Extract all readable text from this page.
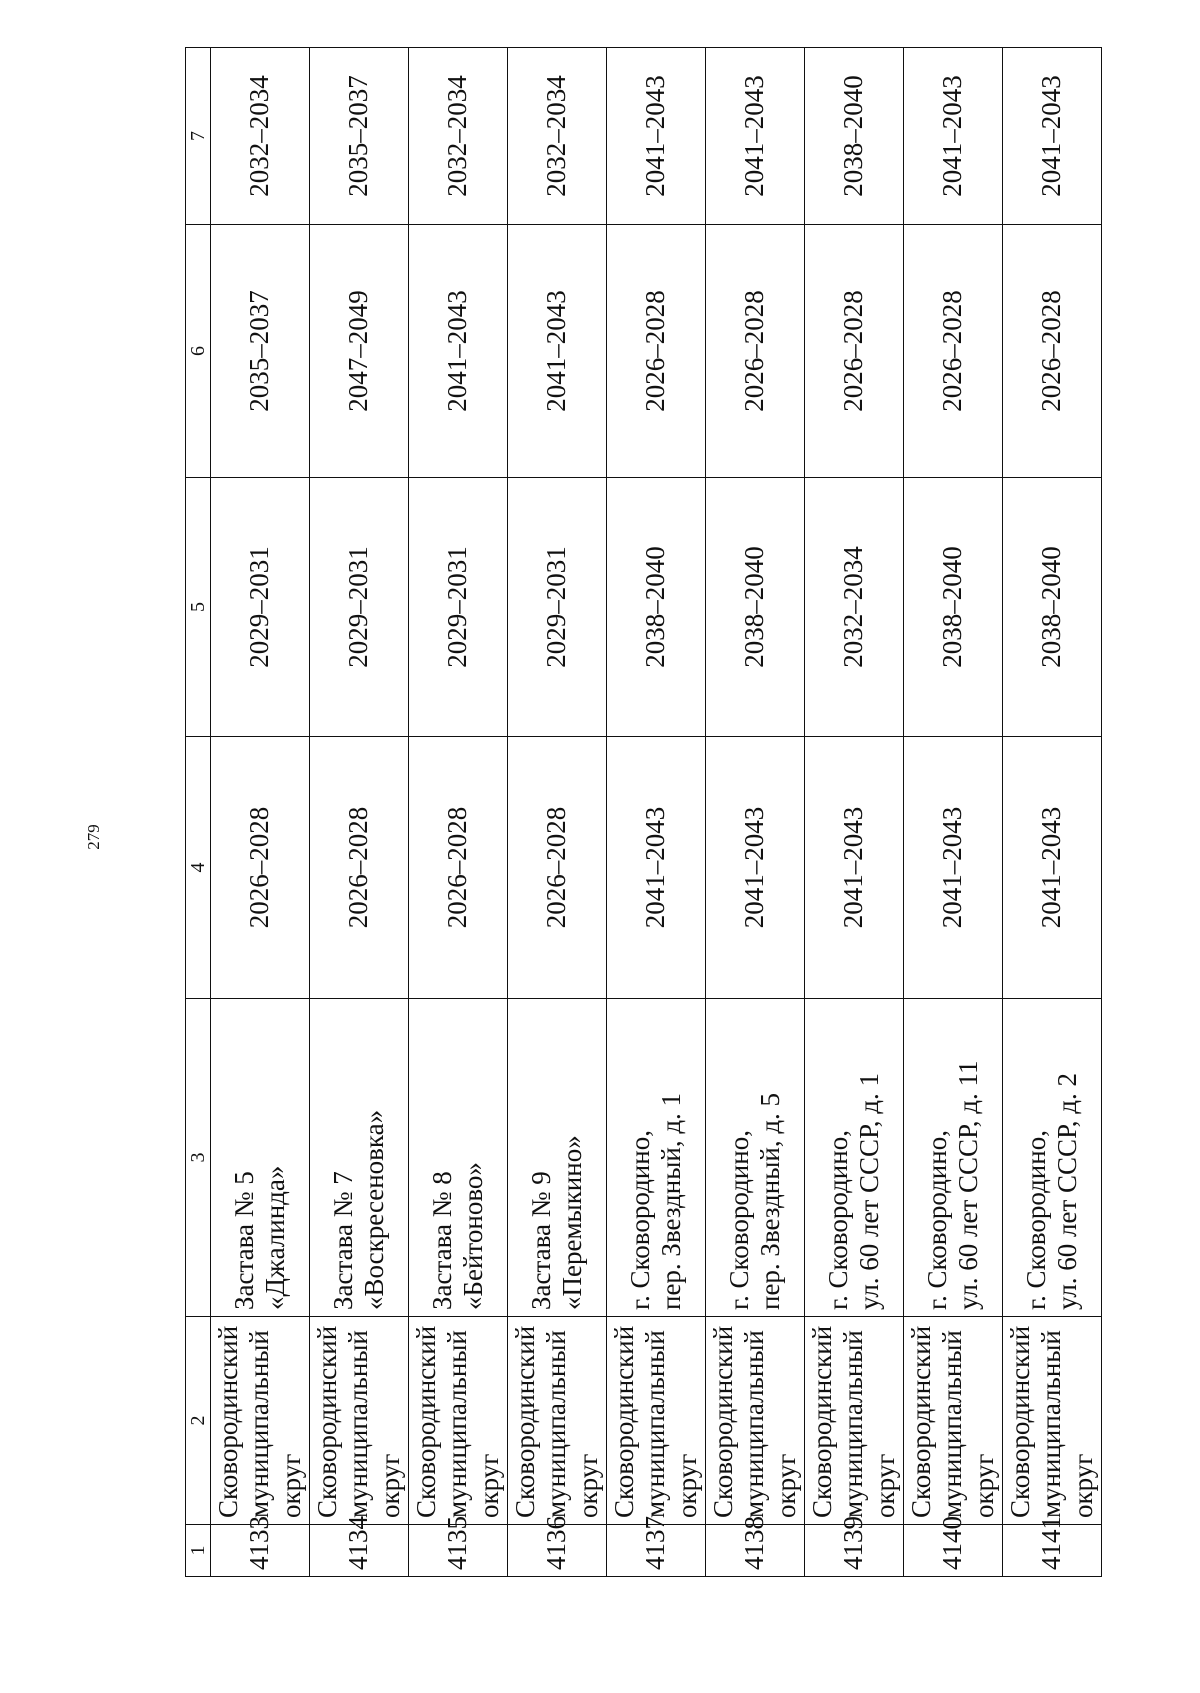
279
1	2	3	4	5	6	7
4133	Сковородинский муниципальный округ	Застава № 5 «Джалинда»	2026–2028	2029–2031	2035–2037	2032–2034
4134	Сковородинский муниципальный округ	Застава № 7 «Воскресеновка»	2026–2028	2029–2031	2047–2049	2035–2037
4135	Сковородинский муниципальный округ	Застава № 8 «Бейтоново»	2026–2028	2029–2031	2041–2043	2032–2034
4136	Сковородинский муниципальный округ	Застава № 9 «Перемыкино»	2026–2028	2029–2031	2041–2043	2032–2034
4137	Сковородинский муниципальный округ	г. Сковородино, пер. Звездный, д. 1	2041–2043	2038–2040	2026–2028	2041–2043
4138	Сковородинский муниципальный округ	г. Сковородино, пер. Звездный, д. 5	2041–2043	2038–2040	2026–2028	2041–2043
4139	Сковородинский муниципальный округ	г. Сковородино, ул. 60 лет СССР, д. 1	2041–2043	2032–2034	2026–2028	2038–2040
4140	Сковородинский муниципальный округ	г. Сковородино, ул. 60 лет СССР, д. 11	2041–2043	2038–2040	2026–2028	2041–2043
4141	Сковородинский муниципальный округ	г. Сковородино, ул. 60 лет СССР, д. 2	2041–2043	2038–2040	2026–2028	2041–2043
